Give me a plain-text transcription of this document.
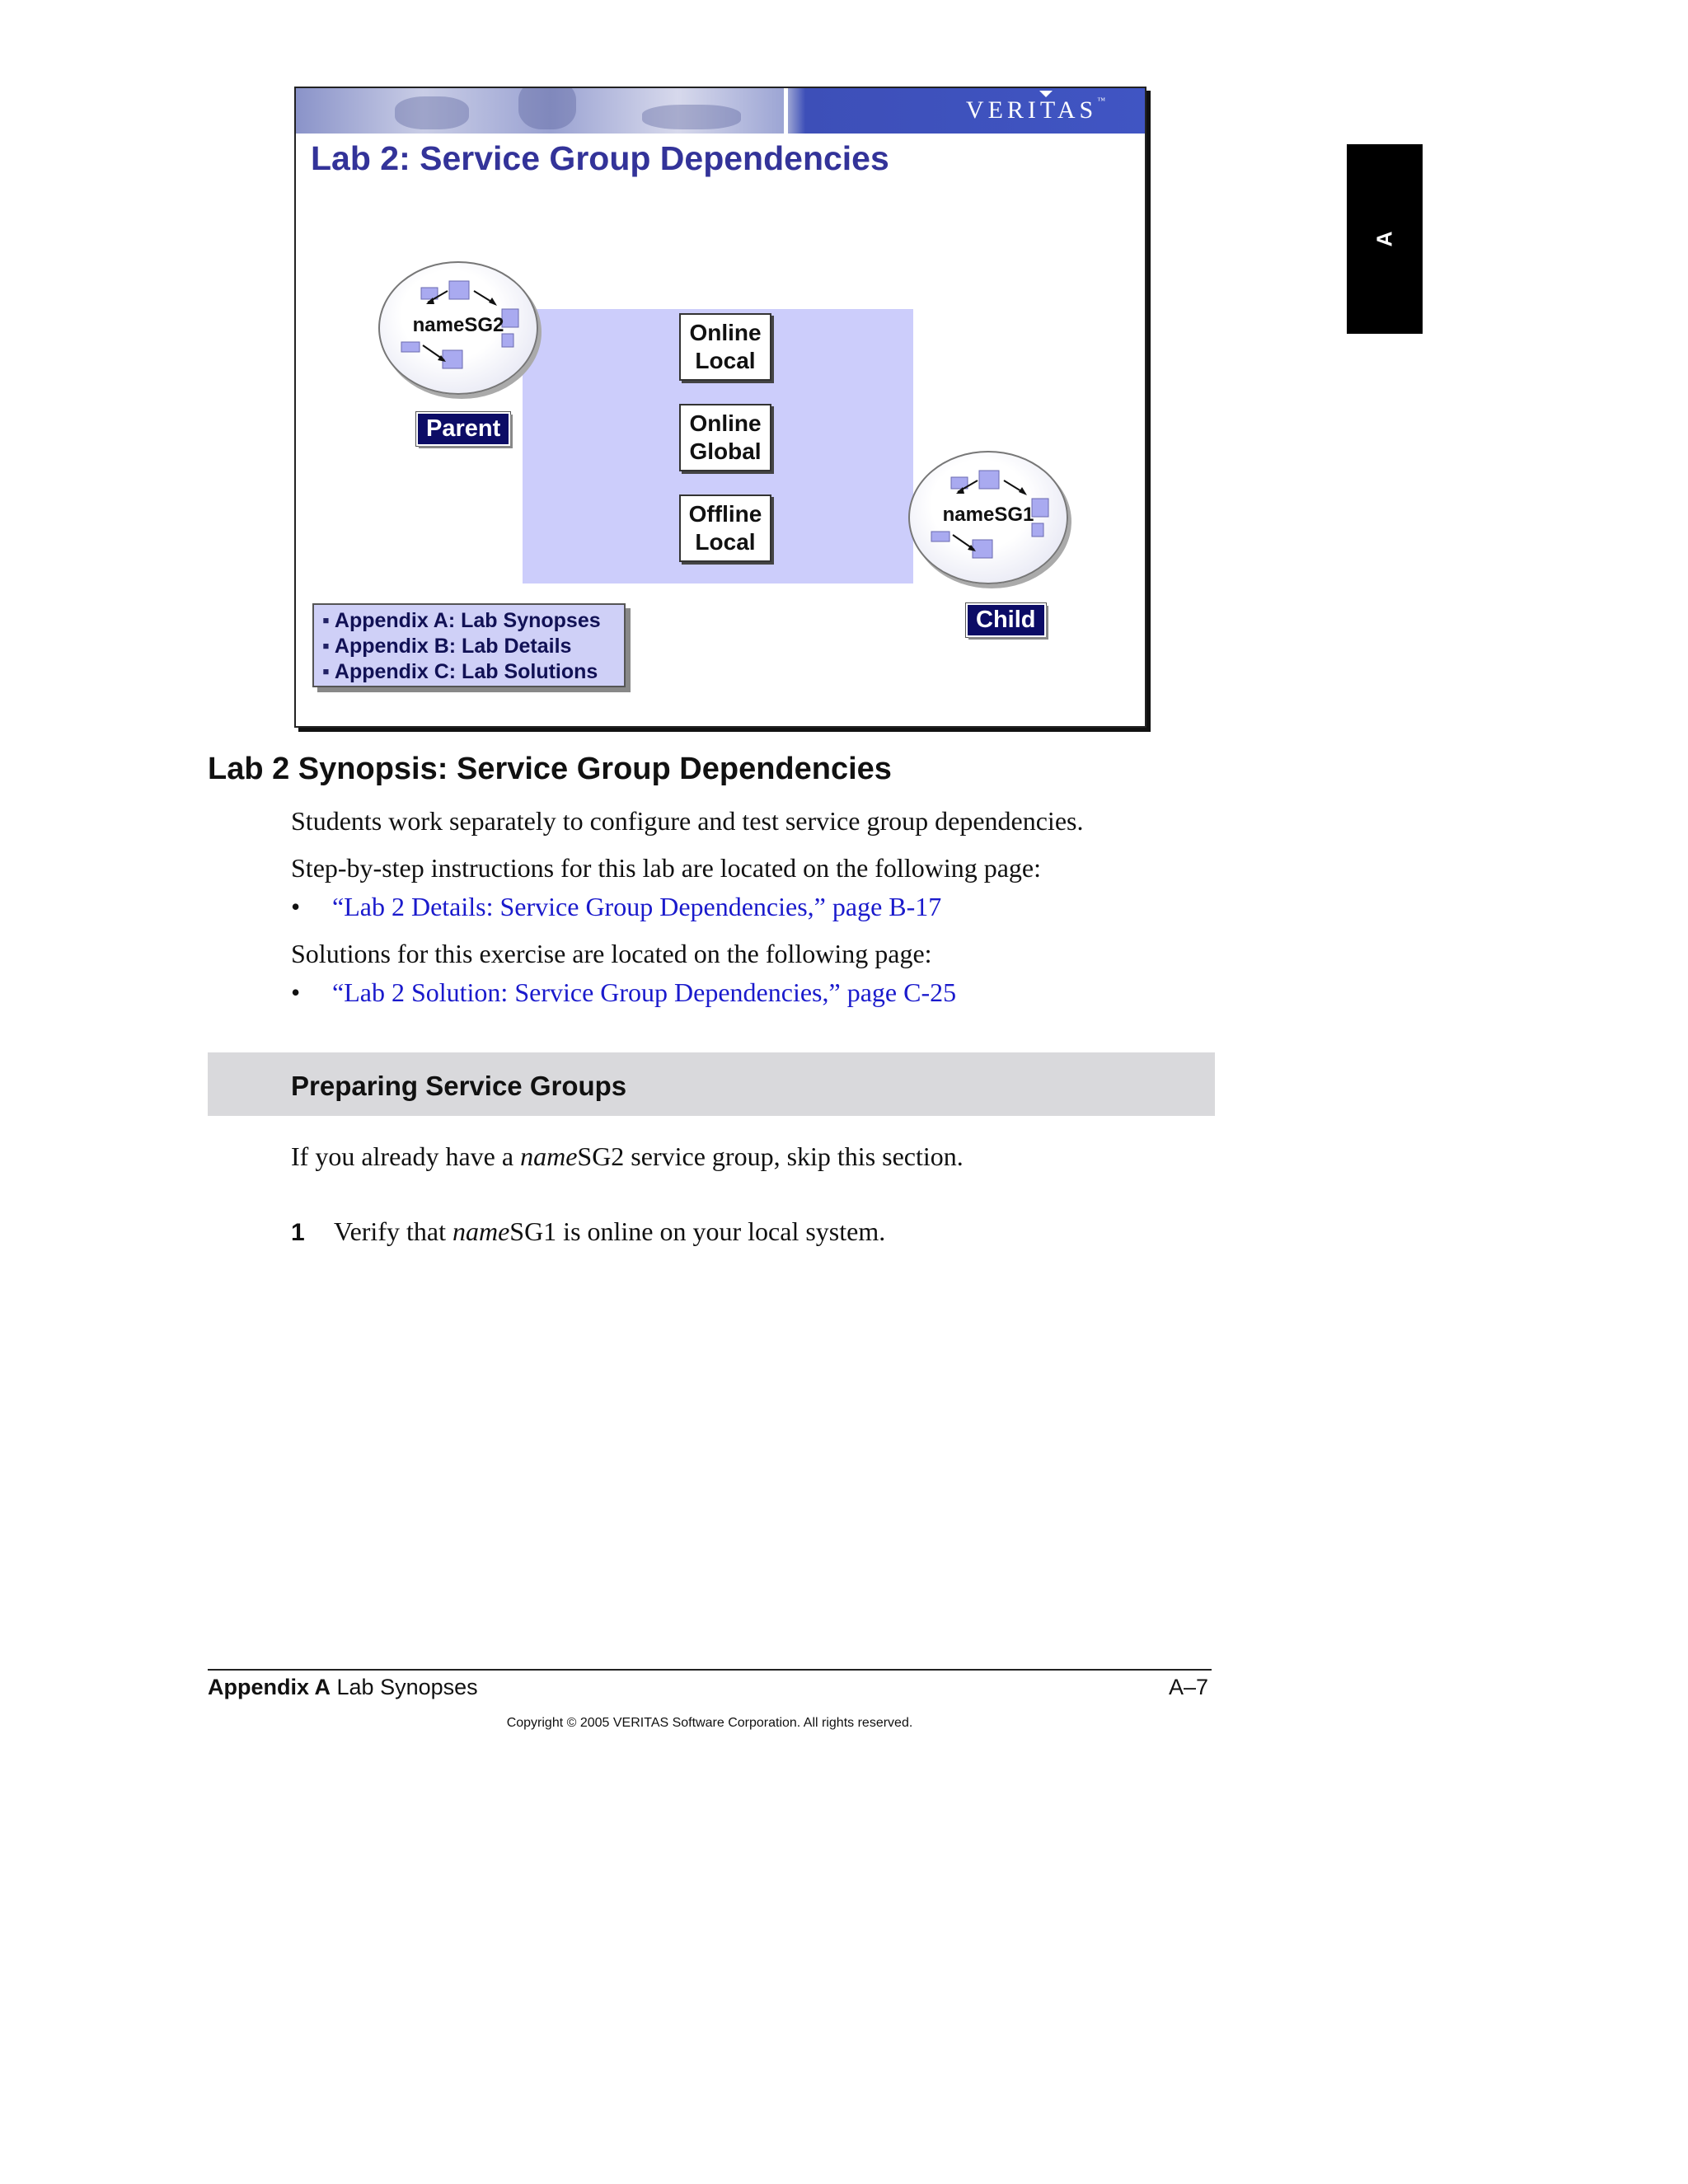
A
VERITAS™
Lab 2: Service Group Dependencies
Online
Local
Online
Global
Offline
Local
nameSG2
Parent
nameSG1
Child
▪ Appendix A: Lab Synopses
▪ Appendix B: Lab Details
▪ Appendix C: Lab Solutions
Lab 2 Synopsis: Service Group Dependencies

Students work separately to configure and test service group dependencies.

Step-by-step instructions for this lab are located on the following page:

• “Lab 2 Details: Service Group Dependencies,” page B-17

Solutions for this exercise are located on the following page:

• “Lab 2 Solution: Service Group Dependencies,” page C-25
Preparing Service Groups

If you already have a nameSG2 service group, skip this section.

1 Verify that nameSG1 is online on your local system.
Appendix A Lab Synopses	A–7
Copyright © 2005 VERITAS Software Corporation. All rights reserved.
